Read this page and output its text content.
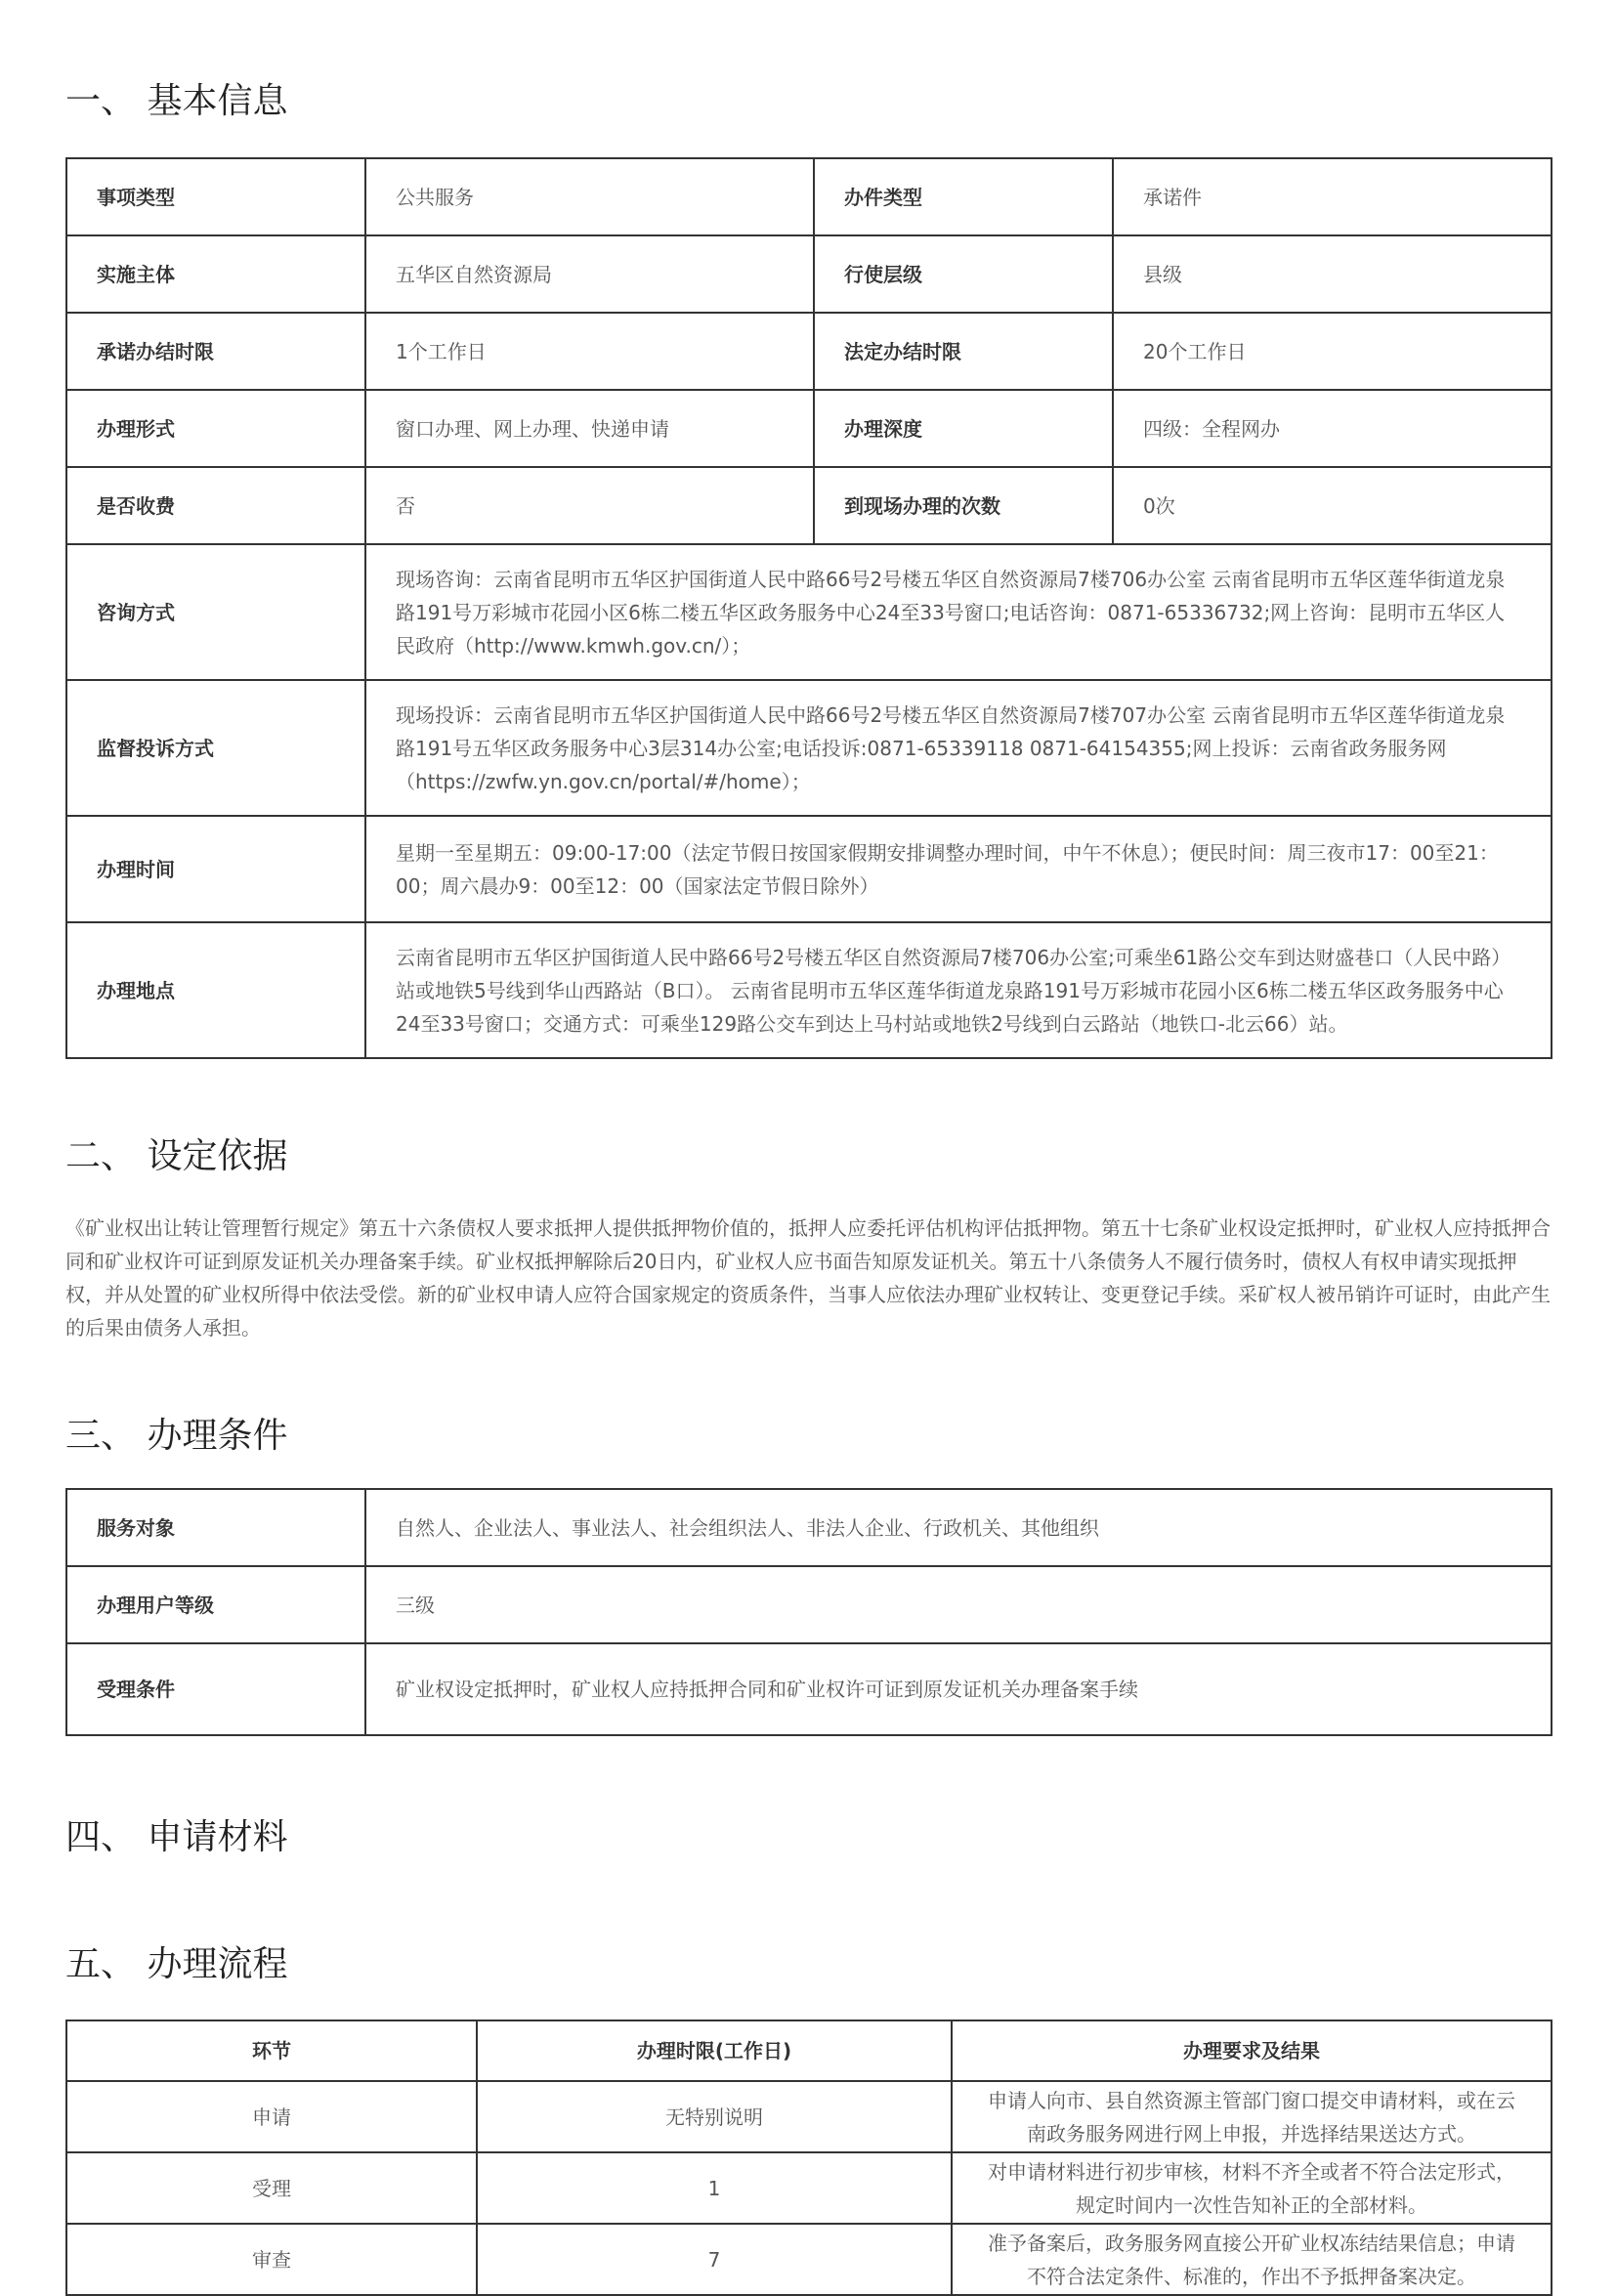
一、 基本信息
事项类型	公共服务	办件类型	承诺件
实施主体	五华区自然资源局	行使层级	县级
承诺办结时限	1个工作日	法定办结时限	20个工作日
办理形式	窗口办理、网上办理、快递申请	办理深度	四级：全程网办
是否收费	否	到现场办理的次数	0次
咨询方式	现场咨询：云南省昆明市五华区护国街道人民中路66号2号楼五华区自然资源局7楼706办公室 云南省昆明市五华区莲华街道龙泉路191号万彩城市花园小区6栋二楼五华区政务服务中心24至33号窗口;电话咨询：0871-65336732;网上咨询：昆明市五华区人民政府（http://www.kmwh.gov.cn/）；		
监督投诉方式	现场投诉：云南省昆明市五华区护国街道人民中路66号2号楼五华区自然资源局7楼707办公室 云南省昆明市五华区莲华街道龙泉路191号五华区政务服务中心3层314办公室;电话投诉:0871-65339118 0871-64154355;网上投诉：云南省政务服务网（https://zwfw.yn.gov.cn/portal/#/home）；		
办理时间	星期一至星期五：09:00-17:00（法定节假日按国家假期安排调整办理时间，中午不休息）；便民时间：周三夜市17：00至21：00；周六晨办9：00至12：00（国家法定节假日除外）		
办理地点	云南省昆明市五华区护国街道人民中路66号2号楼五华区自然资源局7楼706办公室;可乘坐61路公交车到达财盛巷口（人民中路）站或地铁5号线到华山西路站（B口）。 云南省昆明市五华区莲华街道龙泉路191号万彩城市花园小区6栋二楼五华区政务服务中心24至33号窗口；交通方式：可乘坐129路公交车到达上马村站或地铁2号线到白云路站（地铁口-北云66）站。		
二、 设定依据

《矿业权出让转让管理暂行规定》第五十六条债权人要求抵押人提供抵押物价值的，抵押人应委托评估机构评估抵押物。第五十七条矿业权设定抵押时，矿业权人应持抵押合同和矿业权许可证到原发证机关办理备案手续。矿业权抵押解除后20日内，矿业权人应书面告知原发证机关。第五十八条债务人不履行债务时，债权人有权申请实现抵押权，并从处置的矿业权所得中依法受偿。新的矿业权申请人应符合国家规定的资质条件，当事人应依法办理矿业权转让、变更登记手续。采矿权人被吊销许可证时，由此产生的后果由债务人承担。

三、 办理条件
服务对象	自然人、企业法人、事业法人、社会组织法人、非法人企业、行政机关、其他组织
办理用户等级	三级
受理条件	矿业权设定抵押时，矿业权人应持抵押合同和矿业权许可证到原发证机关办理备案手续
四、 申请材料
五、 办理流程
环节	办理时限(工作日)	办理要求及结果
申请	无特别说明	申请人向市、县自然资源主管部门窗口提交申请材料，或在云南政务服务网进行网上申报，并选择结果送达方式。
受理	1	对申请材料进行初步审核，材料不齐全或者不符合法定形式，规定时间内一次性告知补正的全部材料。
审查	7	准予备案后，政务服务网直接公开矿业权冻结结果信息；申请不符合法定条件、标准的，作出不予抵押备案决定。
